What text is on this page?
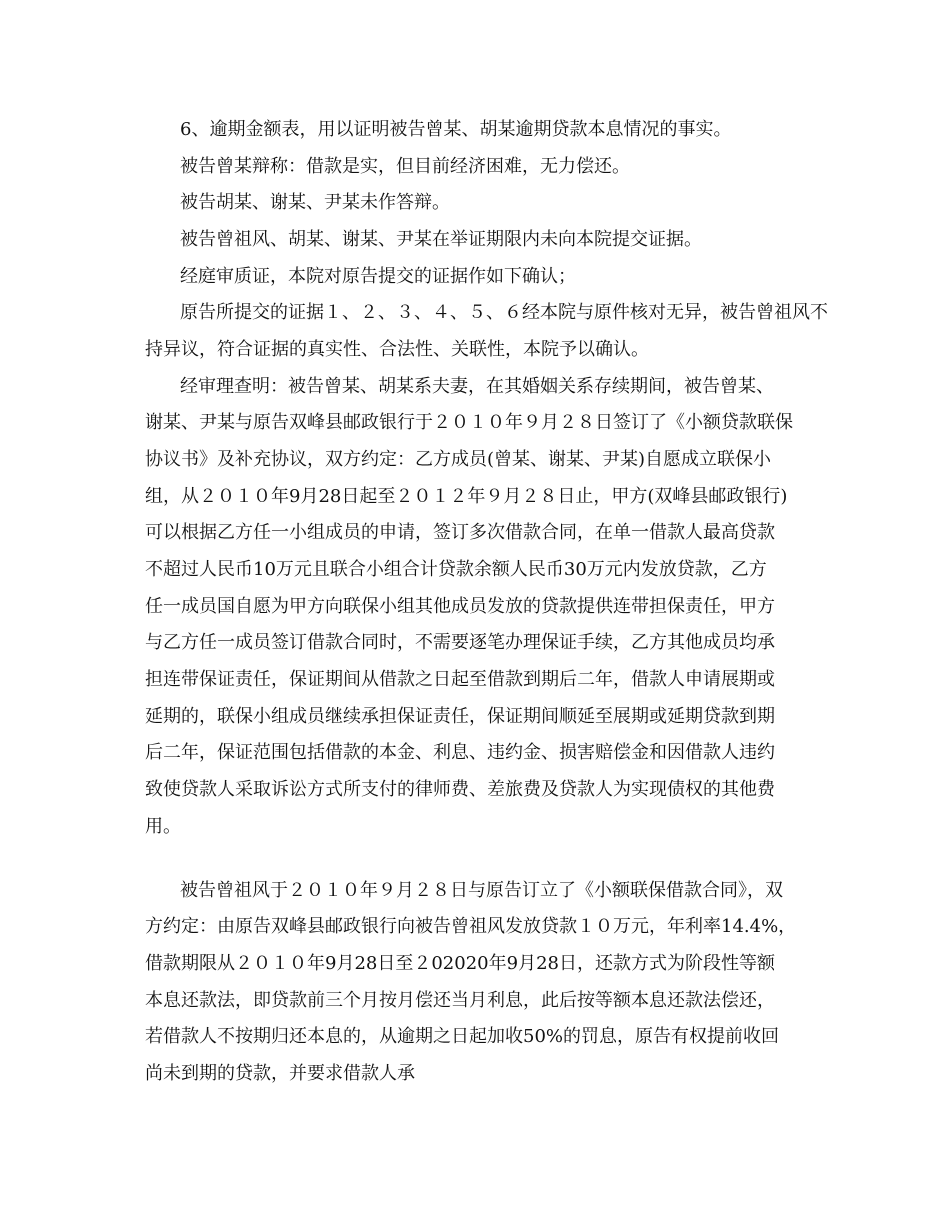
6、逾期金额表，用以证明被告曾某、胡某逾期贷款本息情况的事实。
被告曾某辩称：借款是实，但目前经济困难，无力偿还。
被告胡某、谢某、尹某未作答辩。
被告曾祖风、胡某、谢某、尹某在举证期限内未向本院提交证据。
经庭审质证，本院对原告提交的证据作如下确认；
原告所提交的证据１、２、３、４、５、６经本院与原件核对无异，被告曾祖风不
持异议，符合证据的真实性、合法性、关联性，本院予以确认。
经审理查明：被告曾某、胡某系夫妻，在其婚姻关系存续期间，被告曾某、
谢某、尹某与原告双峰县邮政银行于２０１０年９月２８日签订了《小额贷款联保
协议书》及补充协议，双方约定：乙方成员(曾某、谢某、尹某)自愿成立联保小
组，从２０１０年9月28日起至２０１２年９月２８日止，甲方(双峰县邮政银行)
可以根据乙方任一小组成员的申请，签订多次借款合同，在单一借款人最高贷款
不超过人民币10万元且联合小组合计贷款余额人民币30万元内发放贷款，乙方
任一成员国自愿为甲方向联保小组其他成员发放的贷款提供连带担保责任，甲方
与乙方任一成员签订借款合同时，不需要逐笔办理保证手续，乙方其他成员均承
担连带保证责任，保证期间从借款之日起至借款到期后二年，借款人申请展期或
延期的，联保小组成员继续承担保证责任，保证期间顺延至展期或延期贷款到期
后二年，保证范围包括借款的本金、利息、违约金、损害赔偿金和因借款人违约
致使贷款人采取诉讼方式所支付的律师费、差旅费及贷款人为实现债权的其他费
用。
被告曾祖风于２０１０年９月２８日与原告订立了《小额联保借款合同》，双
方约定：由原告双峰县邮政银行向被告曾祖风发放贷款１０万元，年利率14.4%，
借款期限从２０１０年9月28日至２02020年9月28日，还款方式为阶段性等额
本息还款法，即贷款前三个月按月偿还当月利息，此后按等额本息还款法偿还，
若借款人不按期归还本息的，从逾期之日起加收50%的罚息，原告有权提前收回
尚未到期的贷款，并要求借款人承
